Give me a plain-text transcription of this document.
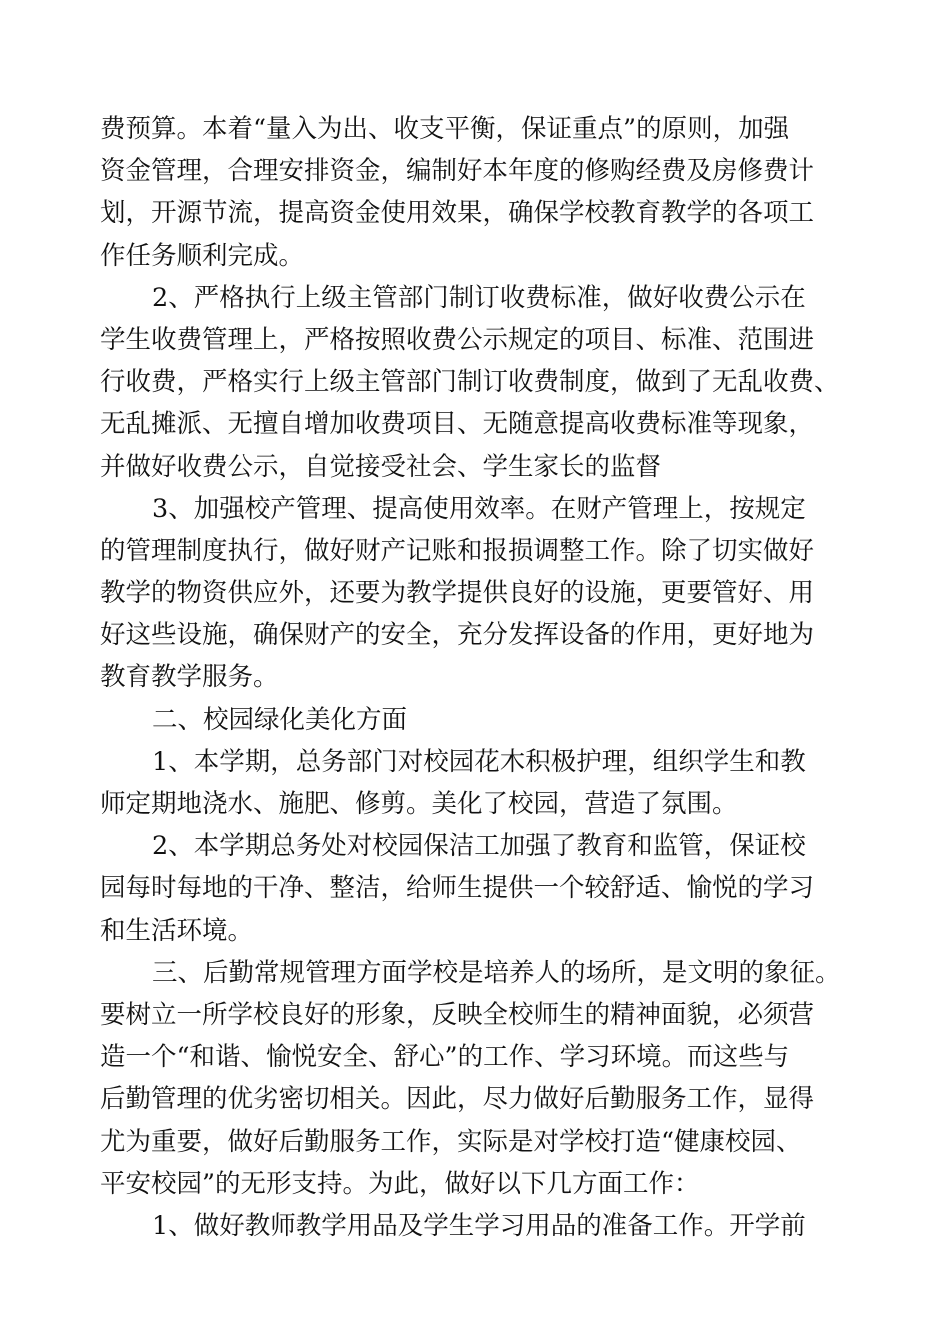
费预算。本着“量入为出、收支平衡，保证重点”的原则，加强
资金管理，合理安排资金，编制好本年度的修购经费及房修费计
划，开源节流，提高资金使用效果，确保学校教育教学的各项工
作任务顺利完成。
2、严格执行上级主管部门制订收费标准，做好收费公示在
学生收费管理上，严格按照收费公示规定的项目、标准、范围进
行收费，严格实行上级主管部门制订收费制度，做到了无乱收费、
无乱摊派、无擅自增加收费项目、无随意提高收费标准等现象，
并做好收费公示，自觉接受社会、学生家长的监督
3、加强校产管理、提高使用效率。在财产管理上，按规定
的管理制度执行，做好财产记账和报损调整工作。除了切实做好
教学的物资供应外，还要为教学提供良好的设施，更要管好、用
好这些设施，确保财产的安全，充分发挥设备的作用，更好地为
教育教学服务。
二、校园绿化美化方面
1、本学期，总务部门对校园花木积极护理，组织学生和教
师定期地浇水、施肥、修剪。美化了校园，营造了氛围。
2、本学期总务处对校园保洁工加强了教育和监管，保证校
园每时每地的干净、整洁，给师生提供一个较舒适、愉悦的学习
和生活环境。
三、后勤常规管理方面学校是培养人的场所，是文明的象征。
要树立一所学校良好的形象，反映全校师生的精神面貌，必须营
造一个“和谐、愉悦安全、舒心”的工作、学习环境。而这些与
后勤管理的优劣密切相关。因此，尽力做好后勤服务工作，显得
尤为重要，做好后勤服务工作，实际是对学校打造“健康校园、
平安校园”的无形支持。为此，做好以下几方面工作：
1、做好教师教学用品及学生学习用品的准备工作。开学前
